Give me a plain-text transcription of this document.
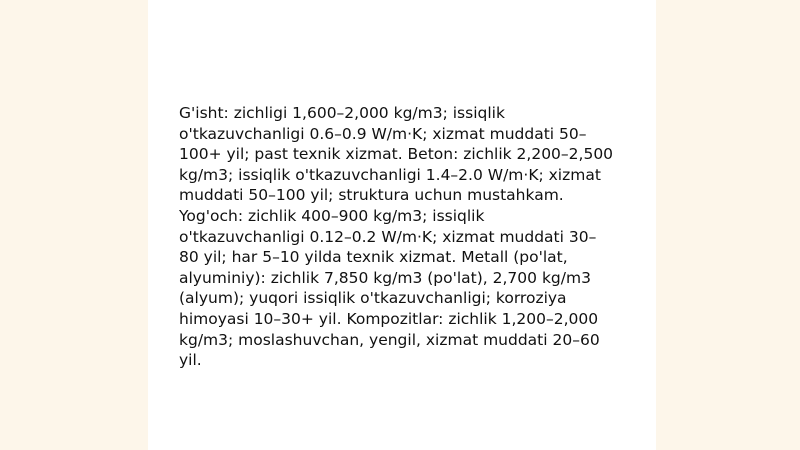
G'isht: zichligi 1,600–2,000 kg/m3; issiqlik
o'tkazuvchanligi 0.6–0.9 W/m·K; xizmat muddati 50–
100+ yil; past texnik xizmat. Beton: zichlik 2,200–2,500
kg/m3; issiqlik o'tkazuvchanligi 1.4–2.0 W/m·K; xizmat
muddati 50–100 yil; struktura uchun mustahkam.
Yog'och: zichlik 400–900 kg/m3; issiqlik
o'tkazuvchanligi 0.12–0.2 W/m·K; xizmat muddati 30–
80 yil; har 5–10 yilda texnik xizmat. Metall (po'lat,
alyuminiy): zichlik 7,850 kg/m3 (po'lat), 2,700 kg/m3
(alyum); yuqori issiqlik o'tkazuvchanligi; korroziya
himoyasi 10–30+ yil. Kompozitlar: zichlik 1,200–2,000
kg/m3; moslashuvchan, yengil, xizmat muddati 20–60
yil.
